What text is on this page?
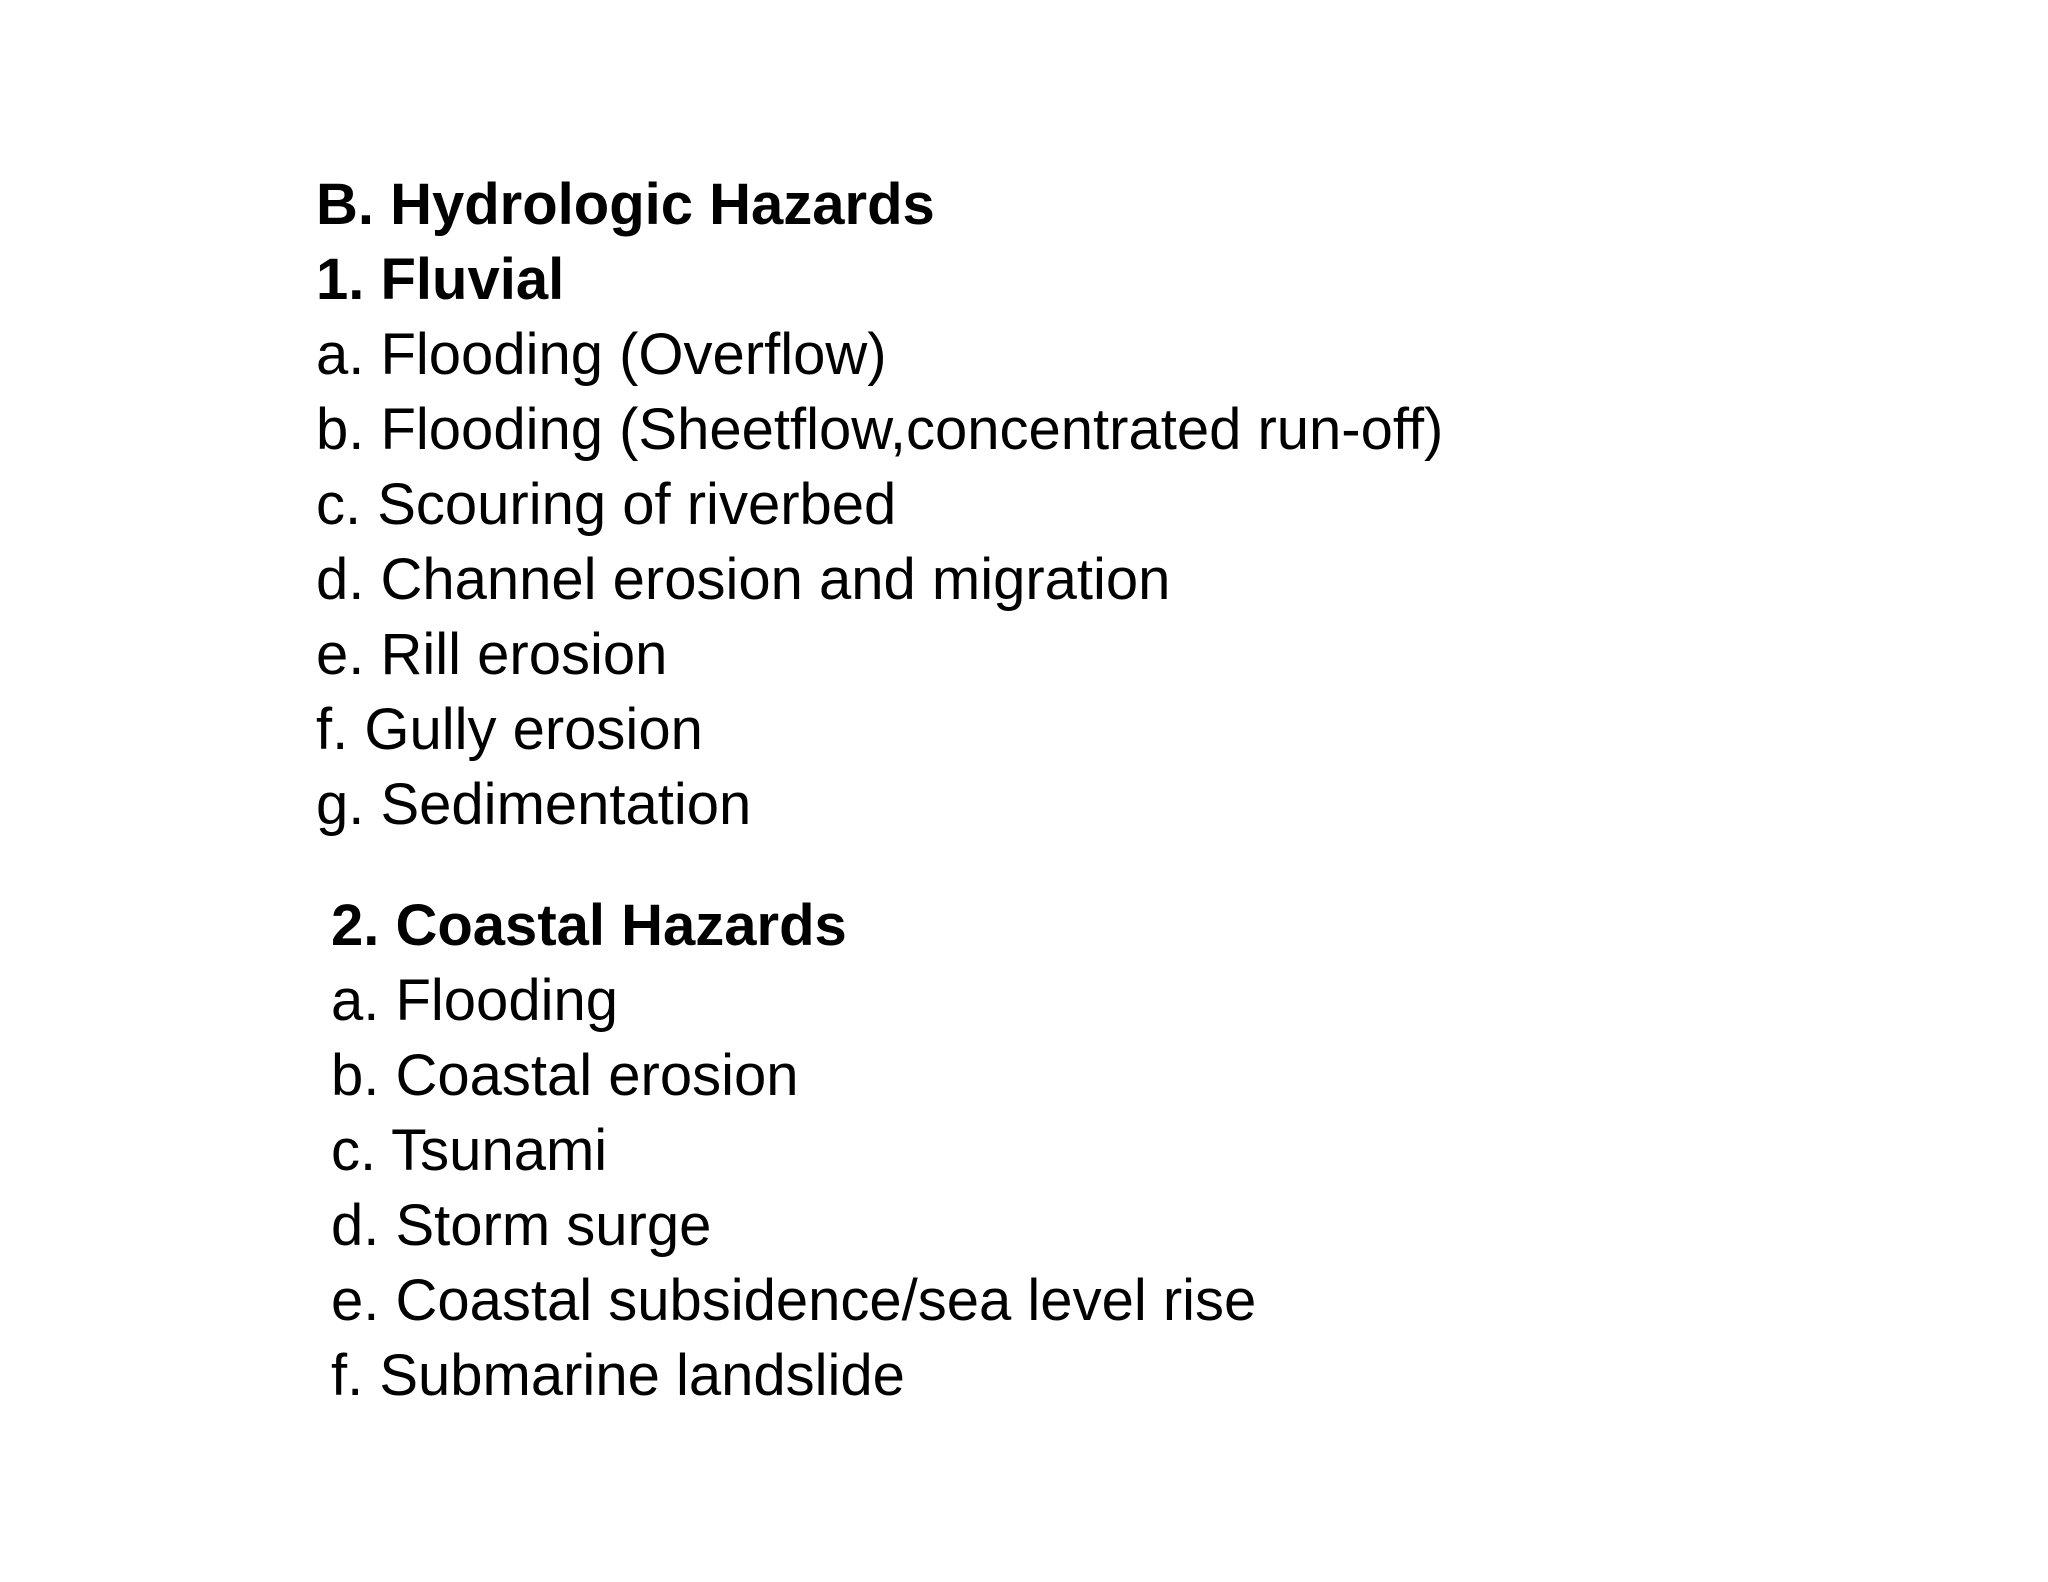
B. Hydrologic Hazards
1. Fluvial
a. Flooding (Overflow)
b. Flooding (Sheetflow,concentrated run-off)
c. Scouring of riverbed
d. Channel erosion and migration
e. Rill erosion
f. Gully erosion
g. Sedimentation
2. Coastal Hazards
a. Flooding
b. Coastal erosion
c. Tsunami
d. Storm surge
e. Coastal subsidence/sea level rise
f. Submarine landslide
